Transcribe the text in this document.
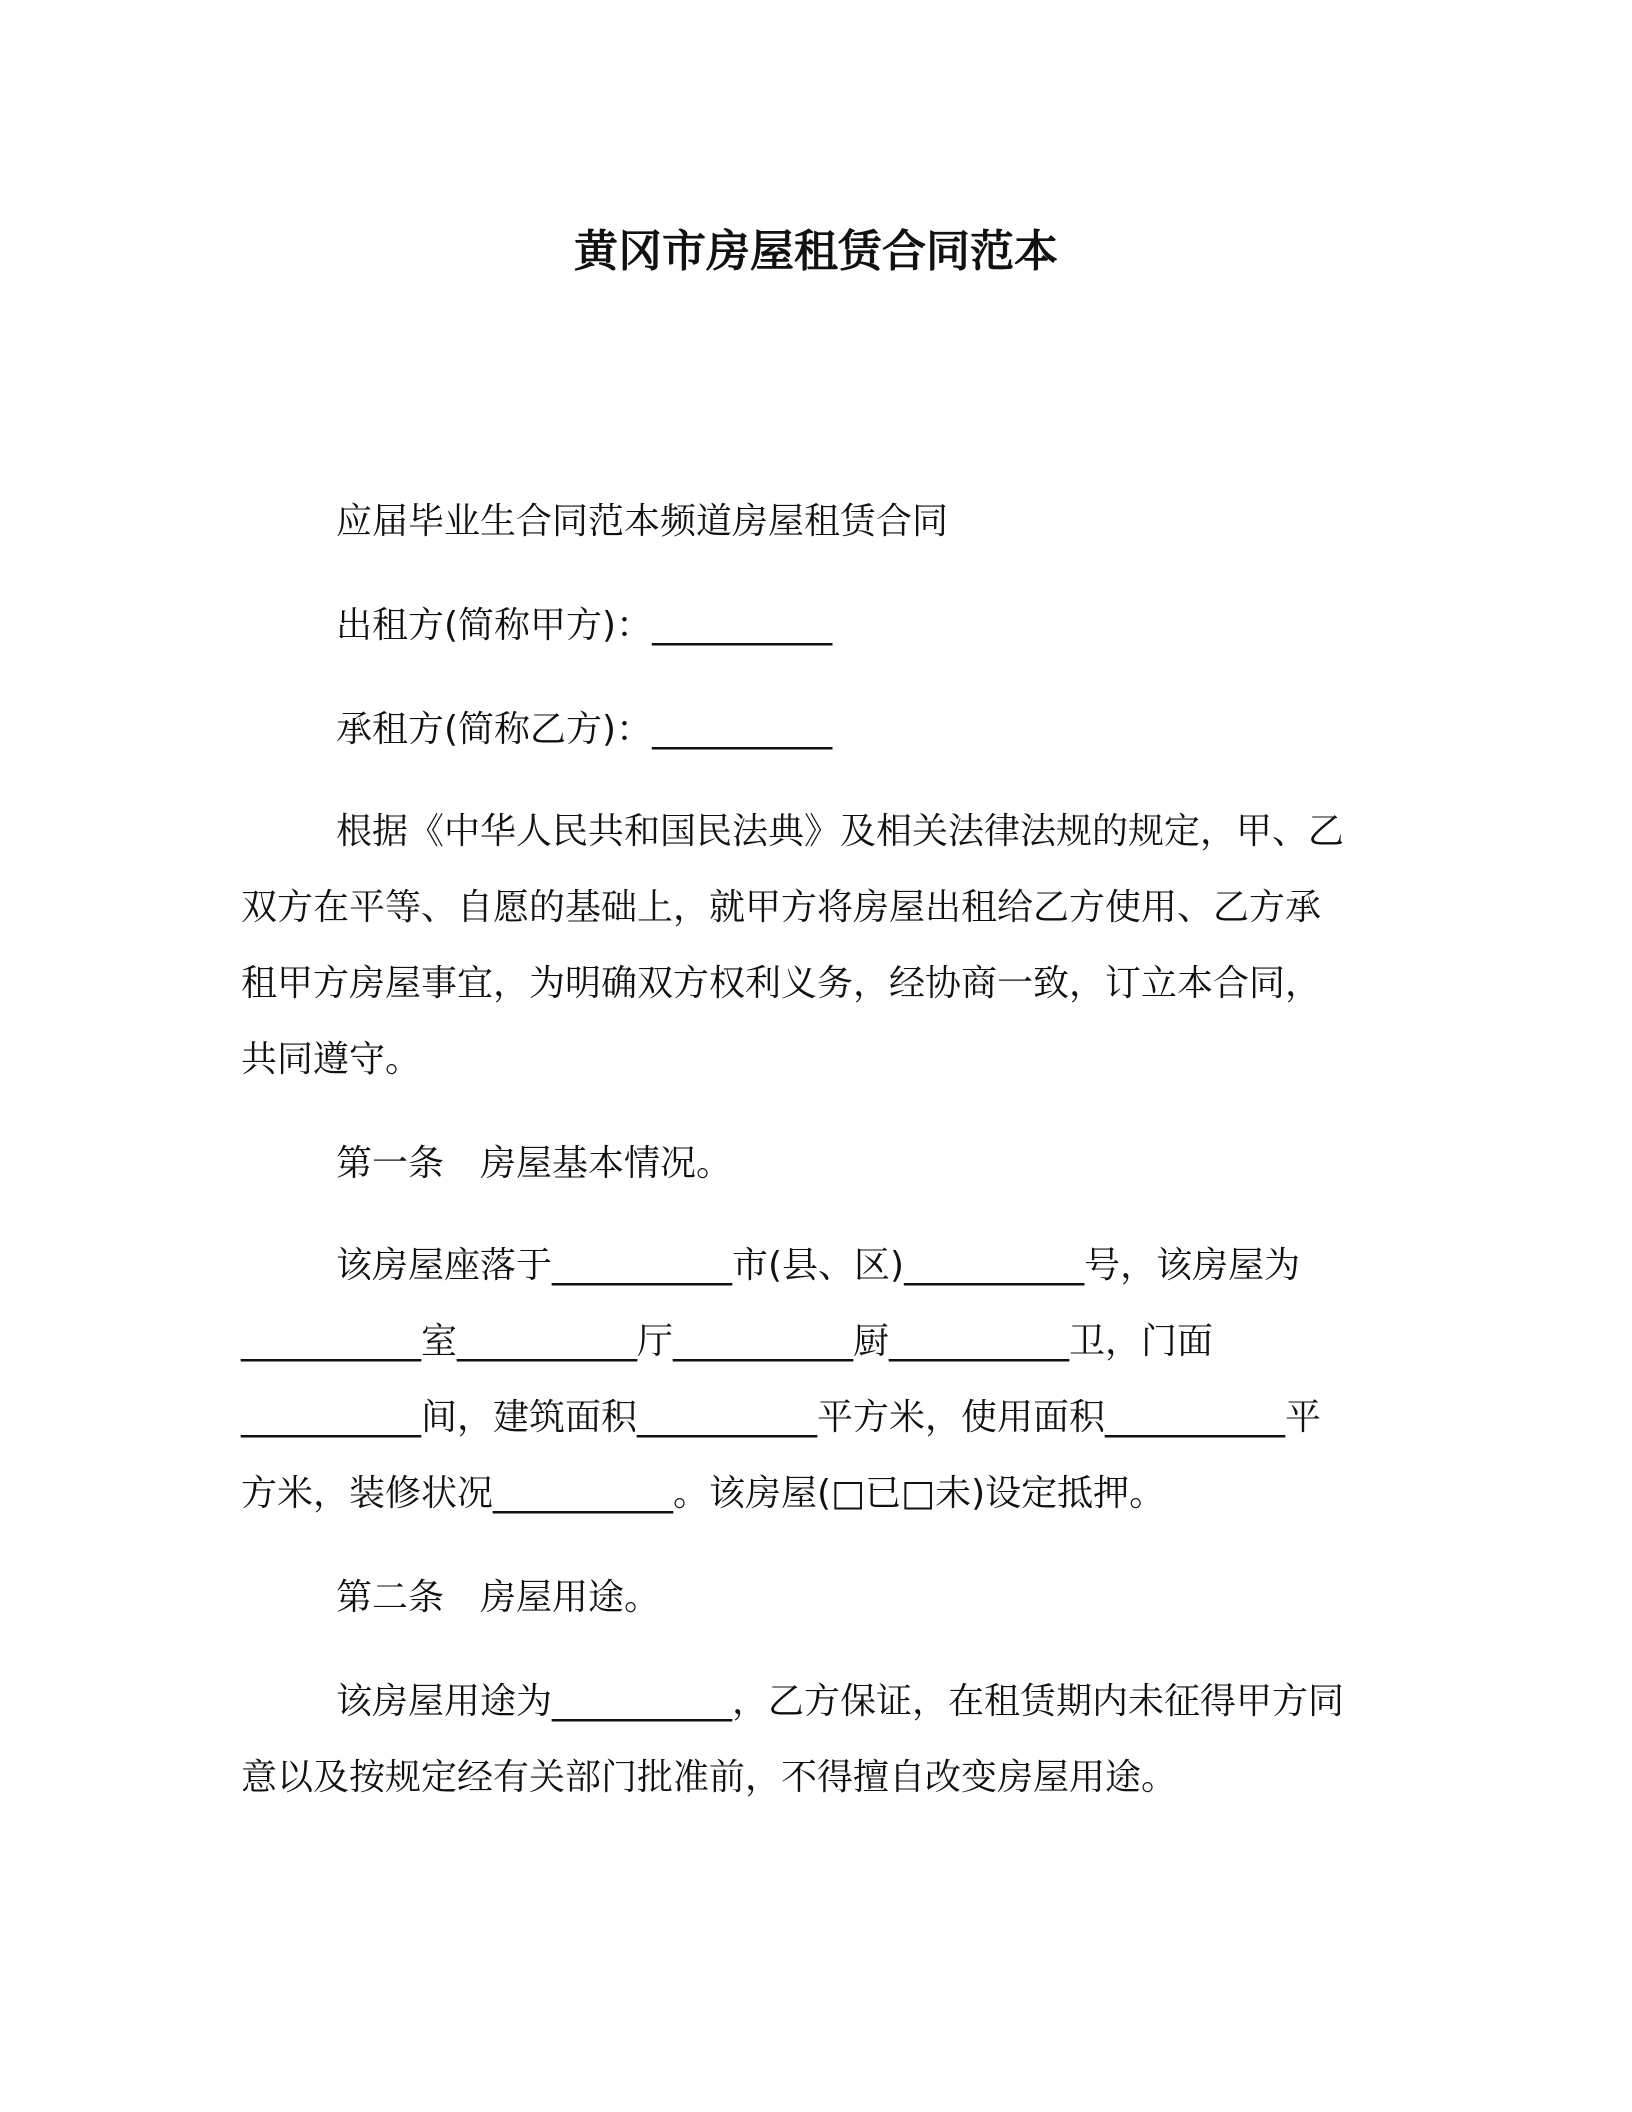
黄冈市房屋租赁合同范本
应届毕业生合同范本频道房屋租赁合同
出租方(简称甲方)：__________
承租方(简称乙方)：__________
根据《中华人民共和国民法典》及相关法律法规的规定，甲、乙
双方在平等、自愿的基础上，就甲方将房屋出租给乙方使用、乙方承
租甲方房屋事宜，为明确双方权利义务，经协商一致，订立本合同，
共同遵守。
第一条　房屋基本情况。
该房屋座落于__________市(县、区)__________号，该房屋为
__________室__________厅__________厨__________卫，门面
__________间，建筑面积__________平方米，使用面积__________平
方米，装修状况__________。该房屋(□已□未)设定抵押。
第二条　房屋用途。
该房屋用途为__________，乙方保证，在租赁期内未征得甲方同
意以及按规定经有关部门批准前，不得擅自改变房屋用途。
